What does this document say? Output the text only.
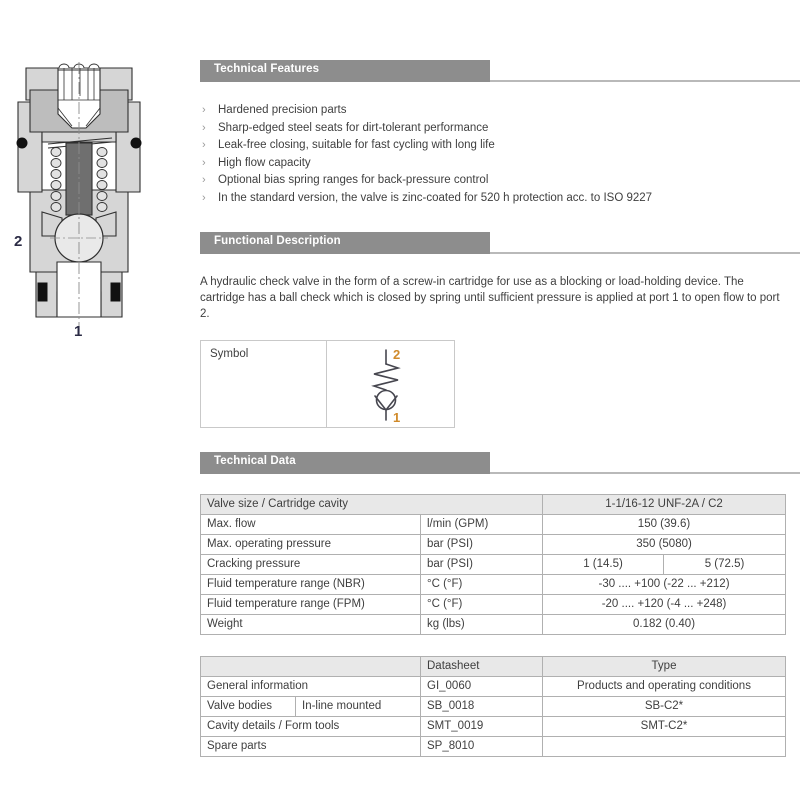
2
1
Technical Features
› Hardened precision parts
› Sharp-edged steel seats for dirt-tolerant performance
› Leak-free closing, suitable for fast cycling with long life
› High flow capacity
› Optional bias spring ranges for back-pressure control
› In the standard version, the valve is zinc-coated for 520 h protection acc. to ISO 9227
Functional Description

A hydraulic check valve in the form of a screw-in cartridge for use as a blocking or load-holding device. The cartridge has a ball check which is closed by spring until sufficient pressure is applied at port 1 to open flow to port 2.

Symbol	2
1
Technical Data
Valve size / Cartridge cavity		1-1/16-12 UNF-2A / C2	
Max. flow	l/min (GPM)	150 (39.6)	
Max. operating pressure	bar (PSI)	350 (5080)	
Cracking pressure	bar (PSI)	1 (14.5)	5 (72.5)
Fluid temperature range (NBR)	°C (°F)	-30 .... +100 (-22 ... +212)	
Fluid temperature range (FPM)	°C (°F)	-20 .... +120 (-4 ... +248)	
Weight	kg (lbs)	0.182 (0.40)	
		Datasheet	Type
General information		GI_0060	Products and operating conditions
Valve bodies	In-line mounted	SB_0018	SB-C2*
Cavity details / Form tools		SMT_0019	SMT-C2*
Spare parts		SP_8010	
